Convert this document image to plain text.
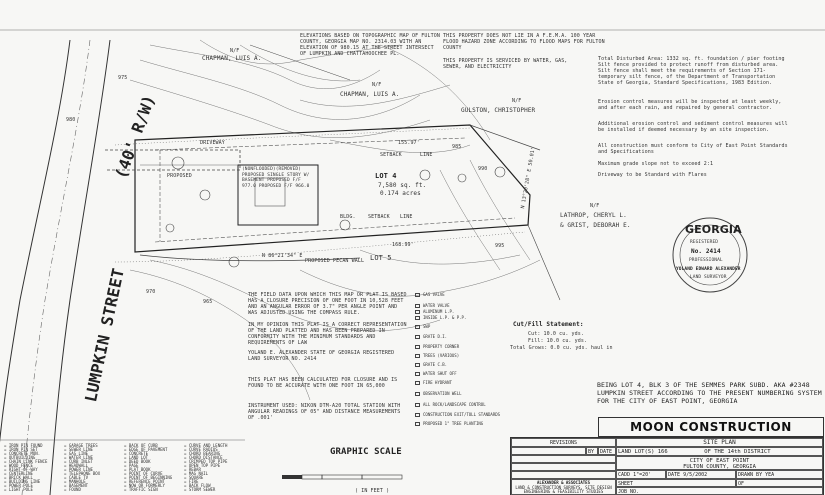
LUMPKIN STREET
(40' R/W)
N/F
CHAPMAN, LUIS A.
N/F
CHAPMAN, LUIS A.
N/F
GULSTON, CHRISTOPHER
N/F
LATHROP, CHERYL L.
& GRIST, DEBORAH E.
ELEVATIONS BASED ON TOPOGRAPHIC MAP OF FULTON COUNTY, GEORGIA MAP NO. 2314.03 WITH AN ELEVATION OF 980.15 AT THE STREET INTERSECT OF LUMPKIN AND CHATTAHOOCHEE PL.
THIS PROPERTY DOES NOT LIE IN A F.E.M.A. 100 YEAR FLOOD HAZARD ZONE ACCORDING TO FLOOD MAPS FOR FULTON COUNTY
THIS PROPERTY IS SERVICED BY WATER, GAS, SEWER, AND ELECTRICITY
Total Disturbed Area: 1332 sq. ft. foundation / pier footing Silt fence provided to protect runoff from disturbed area. Silt fence shall meet the requirements of Section 171- temporary silt fence, of the Department of Transportation State of Georgia, Standard Specifications, 1983 Edition.
Erosion control measures will be inspected at least weekly, and after each rain, and repaired by general contractor.
Additional erosion control and sediment control measures will be installed if deemed necessary by an site inspection.
All construction must conform to City of East Point Standards and Specifications
Maximum grade slope not to exceed 2:1
Driveway to be Standard with Flares
LOT 4
7,580 sq. ft.
0.174 acres
LOT 5
155.97'
168.99'
N 86°21'34" E
SETBACK	LINE
BLDG. SETBACK LINE
PROPOSED
DRIVEWAY
PROPOSED PECAN WALL
(NONFLOODED)(REMOVED) PROPOSED SINGLE STORY W/ BASEMENT PROPOSED F/F 977.0 PROPOSED F/F 966.0	N 13°20'28" E 50.01'
975
980
985
990
995
970
965
THE FIELD DATA UPON WHICH THIS MAP OR PLAT IS BASED HAS A CLOSURE PRECISION OF ONE FOOT IN 10,528 FEET AND AN ANGULAR ERROR OF 3.7" PER ANGLE POINT AND WAS ADJUSTED USING THE COMPASS RULE.
IN MY OPINION THIS PLAT IS A CORRECT REPRESENTATION OF THE LAND PLATTED AND HAS BEEN PREPARED IN CONFORMITY WITH THE MINIMUM STANDARDS AND REQUIREMENTS OF LAW
YOLAND E. ALEXANDER STATE OF GEORGIA REGISTERED LAND SURVEYOR NO. 2414
THIS PLAT HAS BEEN CALCULATED FOR CLOSURE AND IS FOUND TO BE ACCURATE WITH ONE FOOT IN 65,000
INSTRUMENT USED: NIKON DTM-A20 TOTAL STATION WITH ANGULAR READINGS OF 05" AND DISTANCE MEASUREMENTS OF .001'
GAS VALVE
WATER VALVE
ALUMINUM L.P.
INSIDE L.P. & P.P.
SWP
GRATE D.I.
PROPERTY CORNER
TREES (VARIOUS)
GRATE C.B.
WATER SHUT OFF
FIRE HYDRANT
OBSERVATION WELL
ALL ROCK/LANDSCAPE CONTROL
CONSTRUCTION EXIT/TOLL STANDARDS
PROPOSED 1" TREE PLANTING
Cut/Fill Statement:
Cut: 10.0 cu. yds.
Fill: 10.0 cu. yds.
Total Grows: 0.0 cu. yds. haul in
GRAPHIC SCALE
( IN FEET )
= IRON PIN FOUND
= IRON PIN SET
= CONCRETE MON.
= OUTBUILDING
= CHAIN LINK FENCE
= WOOD FENCE
= RIGHT-OF-WAY
= CENTERLINE
= BRICK WALL
= BUILDING LINE
= POWER POLE
= LIGHT POLE
= GARAGE TREES
= SEWER LINE
= GAS LINE
= WATER LINE
= CURB INLET
= HEADWALL
= POWER LINE
= TELEPHONE BOX
= CABLE TV
= MANHOLE
= BASEMENT
= FOUND
= BACK OF CURB
= EDGE OF PAVEMENT
= CONCRETE
= LAND LOT
= DEED BOOK
= PAGE
= PLAT BOOK
= POINT OF CURVE
= POINT OF BEGINNING
= REFERENCE POINT
= NOW OR FORMERLY
= TRAFFIC SIGN
= CURVE AND LENGTH
= CURVE RADIUS
= CHORD BEARING
= CHORD DISTANCE
= CRIMPED TOP PIPE
= OPEN TOP PIPE
= REBAR
= MAG NAIL
= SQUARE
= FIRE
= BACK FLOW
= STORM SEWER
GEORGIA
REGISTERED
No. 2414
PROFESSIONAL
YOLAND EDWARD ALEXANDER
LAND SURVEYOR
BEING LOT 4, BLK 3 OF THE SEMMES PARK SUBD. AKA #2348 LUMPKIN STREET ACCORDING TO THE PRESENT NUMBERING SYSTEM FOR THE CITY OF EAST POINT, GEORGIA
MOON CONSTRUCTION
REVISIONS
BY	DATE
ALEXANDER & ASSOCIATES
LAND & CONSTRUCTION SURVEYS, SITE DESIGN
ENGINEERING & FEASIBILITY STUDIES
SITE PLAN
LAND LOT(S) 166	OF THE 14th DISTRICT
CITY OF EAST POINT
FULTON COUNTY, GEORGIA
CADD 1"=20'	DATE 9/5/2002	DRAWN BY YEA
SHEET	OF
JOB NO.
